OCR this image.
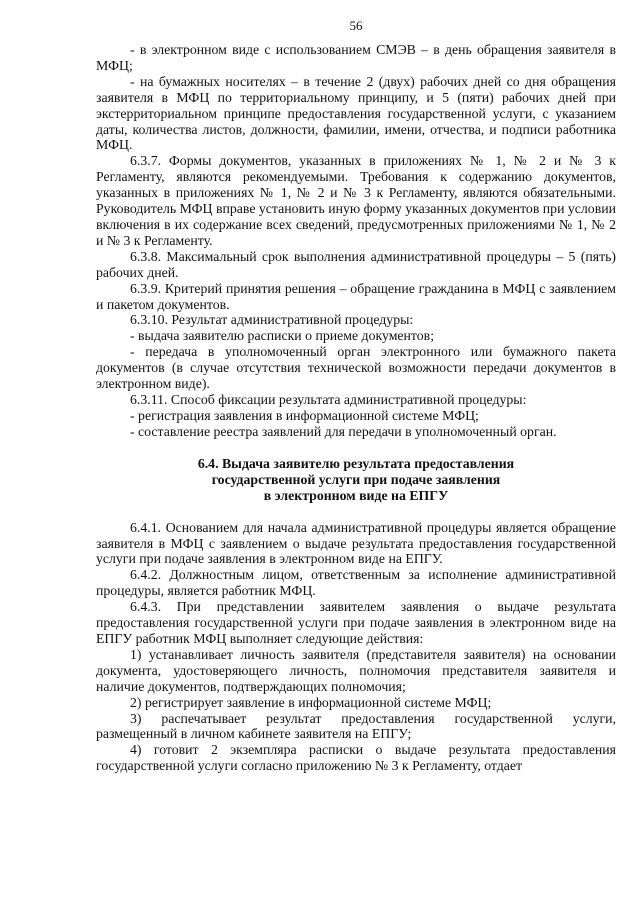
56

- в электронном виде с использованием СМЭВ – в день обращения заявителя в МФЦ;

- на бумажных носителях – в течение 2 (двух) рабочих дней со дня обращения заявителя в МФЦ по территориальному принципу, и 5 (пяти) рабочих дней при экстерриториальном принципе предоставления государственной услуги, с указанием даты, количества листов, должности, фамилии, имени, отчества, и подписи работника МФЦ.

6.3.7. Формы документов, указанных в приложениях № 1, № 2 и № 3 к Регламенту, являются рекомендуемыми. Требования к содержанию документов, указанных в приложениях № 1, № 2 и № 3 к Регламенту, являются обязательными. Руководитель МФЦ вправе установить иную форму указанных документов при условии включения в их содержание всех сведений, предусмотренных приложениями № 1, № 2 и № 3 к Регламенту.

6.3.8. Максимальный срок выполнения административной процедуры – 5 (пять) рабочих дней.

6.3.9. Критерий принятия решения – обращение гражданина в МФЦ с заявлением и пакетом документов.

6.3.10. Результат административной процедуры:

- выдача заявителю расписки о приеме документов;

- передача в уполномоченный орган электронного или бумажного пакета документов (в случае отсутствия технической возможности передачи документов в электронном виде).

6.3.11. Способ фиксации результата административной процедуры:

- регистрация заявления в информационной системе МФЦ;

- составление реестра заявлений для передачи в уполномоченный орган.

6.4. Выдача заявителю результата предоставления
государственной услуги при подаче заявления
в электронном виде на ЕПГУ

6.4.1. Основанием для начала административной процедуры является обращение заявителя в МФЦ с заявлением о выдаче результата предоставления государственной услуги при подаче заявления в электронном виде на ЕПГУ.

6.4.2. Должностным лицом, ответственным за исполнение административной процедуры, является работник МФЦ.

6.4.3. При представлении заявителем заявления о выдаче результата предоставления государственной услуги при подаче заявления в электронном виде на ЕПГУ работник МФЦ выполняет следующие действия:

1) устанавливает личность заявителя (представителя заявителя) на основании документа, удостоверяющего личность, полномочия представителя заявителя и наличие документов, подтверждающих полномочия;

2) регистрирует заявление в информационной системе МФЦ;

3) распечатывает результат предоставления государственной услуги, размещенный в личном кабинете заявителя на ЕПГУ;

4) готовит 2 экземпляра расписки о выдаче результата предоставления государственной услуги согласно приложению № 3 к Регламенту, отдает
